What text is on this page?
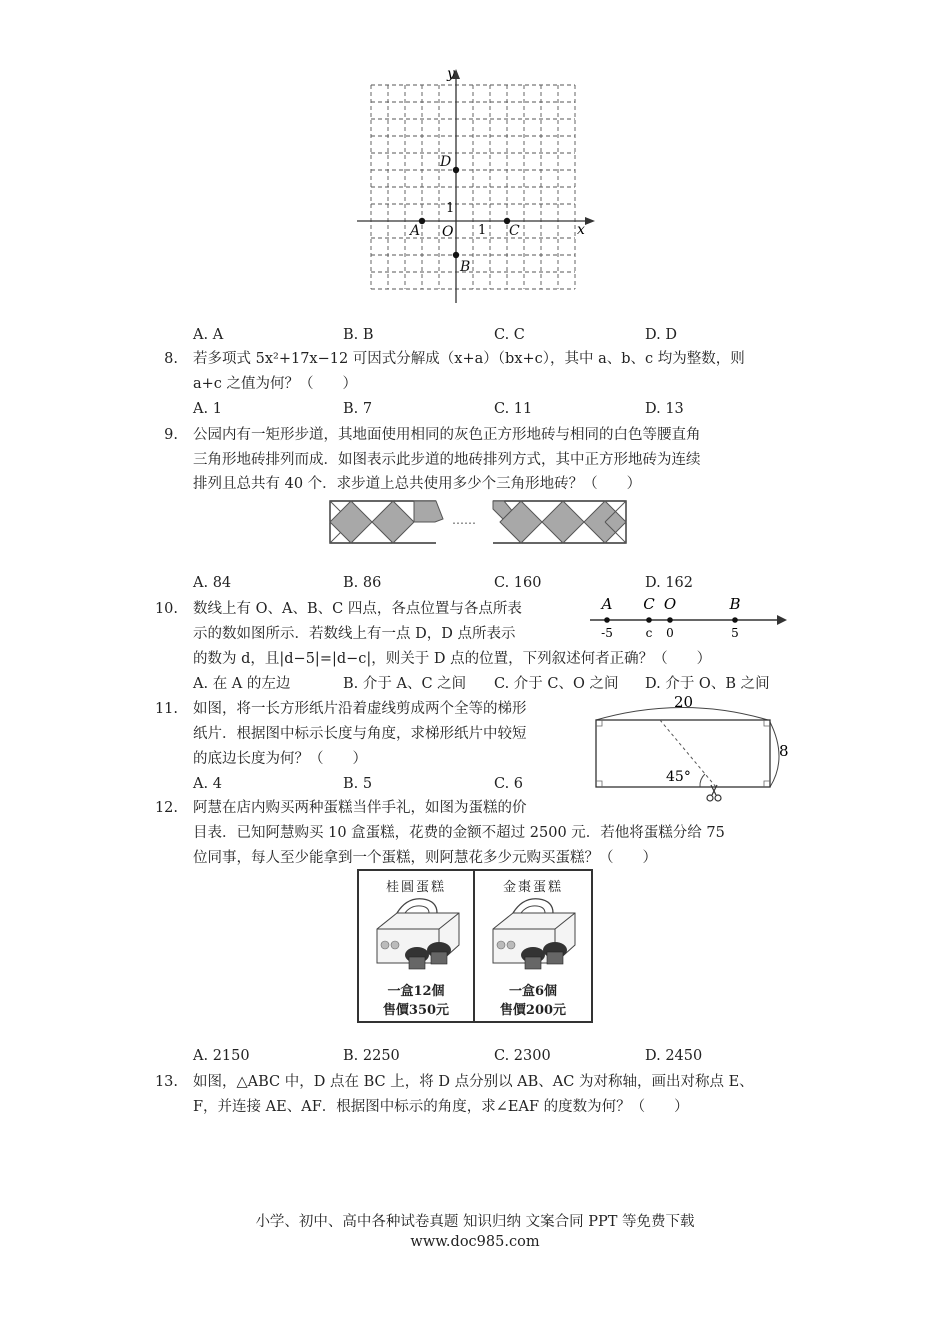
A
B
C
D
y
x
O 1
1
A. A	B. B	C. C	D. D
8. 若多项式 5x²+17x−12 可因式分解成（x+a）（bx+c），其中 a、b、c 均为整数，则
a+c 之值为何？（　　）
A. 1	B. 7	C. 11	D. 13
9. 公园内有一矩形步道，其地面使用相同的灰色正方形地砖与相同的白色等腰直角
三角形地砖排列而成．如图表示此步道的地砖排列方式，其中正方形地砖为连续
排列且总共有 40 个．求步道上总共使用多少个三角形地砖？（　　）
……
A. 84	B. 86	C. 160	D. 162
10. 数线上有 O、A、B、C 四点，各点位置与各点所表
示的数如图所示．若数线上有一点 D，D 点所表示
的数为 d，且|d−5|=|d−c|，则关于 D 点的位置，下列叙述何者正确？（　　）
A
-5
C
c
O
0
B
5
A. 在 A 的左边	B. 介于 A、C 之间 C. 介于 C、O 之间 D. 介于 O、B 之间
11. 如图，将一长方形纸片沿着虚线剪成两个全等的梯形
纸片．根据图中标示长度与角度，求梯形纸片中较短
的底边长度为何？（　　）
20
8
45°
A. 4	B. 5	C. 6
12. 阿慧在店内购买两种蛋糕当伴手礼，如图为蛋糕的价
目表．已知阿慧购买 10 盒蛋糕，花费的金额不超过 2500 元．若他将蛋糕分给 75
位同事，每人至少能拿到一个蛋糕，则阿慧花多少元购买蛋糕？（　　）
桂圓蛋糕
一盒12個
售價350元
金棗蛋糕
一盒6個
售價200元
A. 2150	B. 2250	C. 2300	D. 2450
13. 如图，△ABC 中，D 点在 BC 上，将 D 点分别以 AB、AC 为对称轴，画出对称点 E、
F，并连接 AE、AF．根据图中标示的角度，求∠EAF 的度数为何？（　　）
小学、初中、高中各种试卷真题 知识归纳 文案合同 PPT 等免费下载
www.doc985.com
